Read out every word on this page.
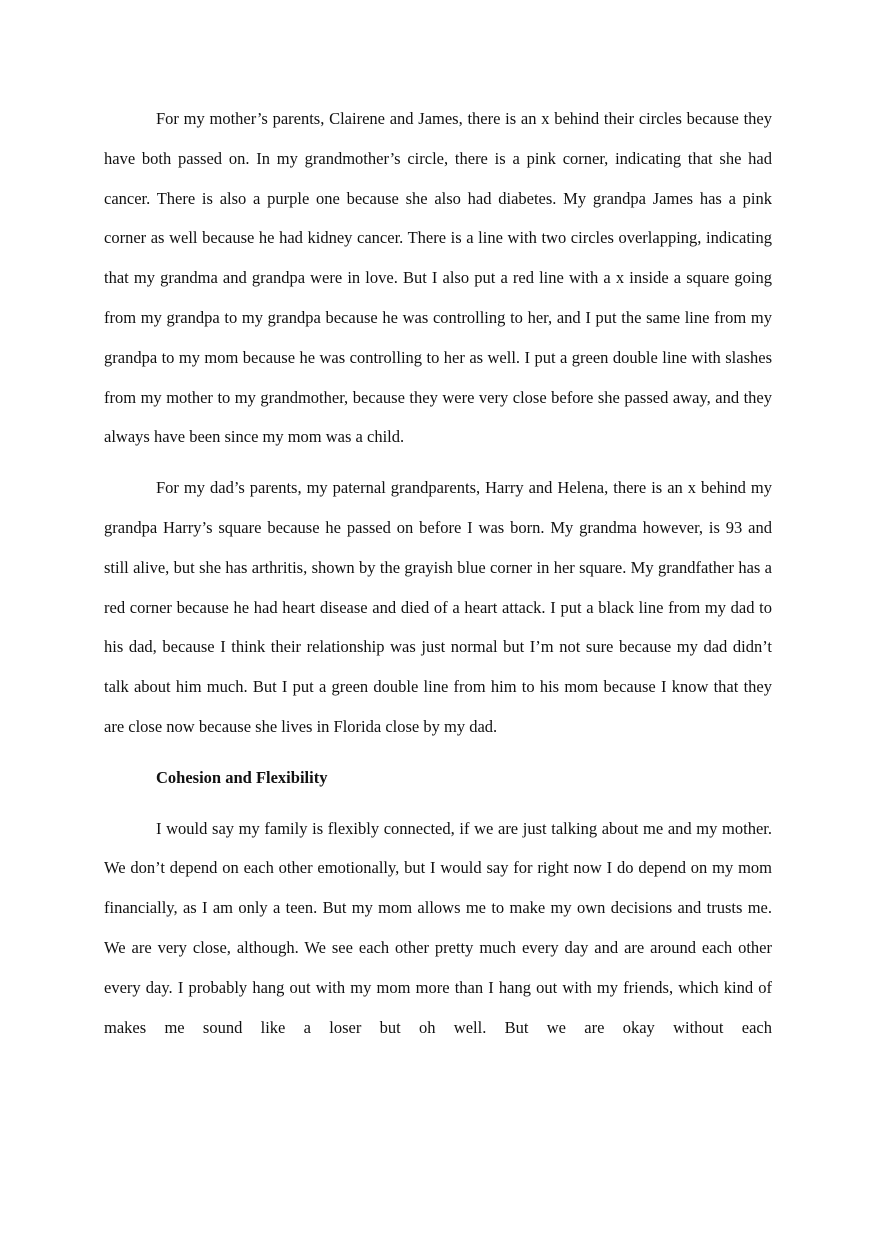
For my mother’s parents, Clairene and James, there is an x behind their circles because they have both passed on. In my grandmother’s circle, there is a pink corner, indicating that she had cancer. There is also a purple one because she also had diabetes. My grandpa James has a pink corner as well because he had kidney cancer. There is a line with two circles overlapping, indicating that my grandma and grandpa were in love. But I also put a red line with a x inside a square going from my grandpa to my grandpa because he was controlling to her, and I put the same line from my grandpa to my mom because he was controlling to her as well. I put a green double line with slashes from my mother to my grandmother, because they were very close before she passed away, and they always have been since my mom was a child.

For my dad’s parents, my paternal grandparents, Harry and Helena, there is an x behind my grandpa Harry’s square because he passed on before I was born. My grandma however, is 93 and still alive, but she has arthritis, shown by the grayish blue corner in her square. My grandfather has a red corner because he had heart disease and died of a heart attack. I put a black line from my dad to his dad, because I think their relationship was just normal but I’m not sure because my dad didn’t talk about him much. But I put a green double line from him to his mom because I know that they are close now because she lives in Florida close by my dad.

Cohesion and Flexibility

I would say my family is flexibly connected, if we are just talking about me and my mother. We don’t depend on each other emotionally, but I would say for right now I do depend on my mom financially, as I am only a teen. But my mom allows me to make my own decisions and trusts me. We are very close, although. We see each other pretty much every day and are around each other every day. I probably hang out with my mom more than I hang out with my friends, which kind of makes me sound like a loser but oh well. But we are okay without each
